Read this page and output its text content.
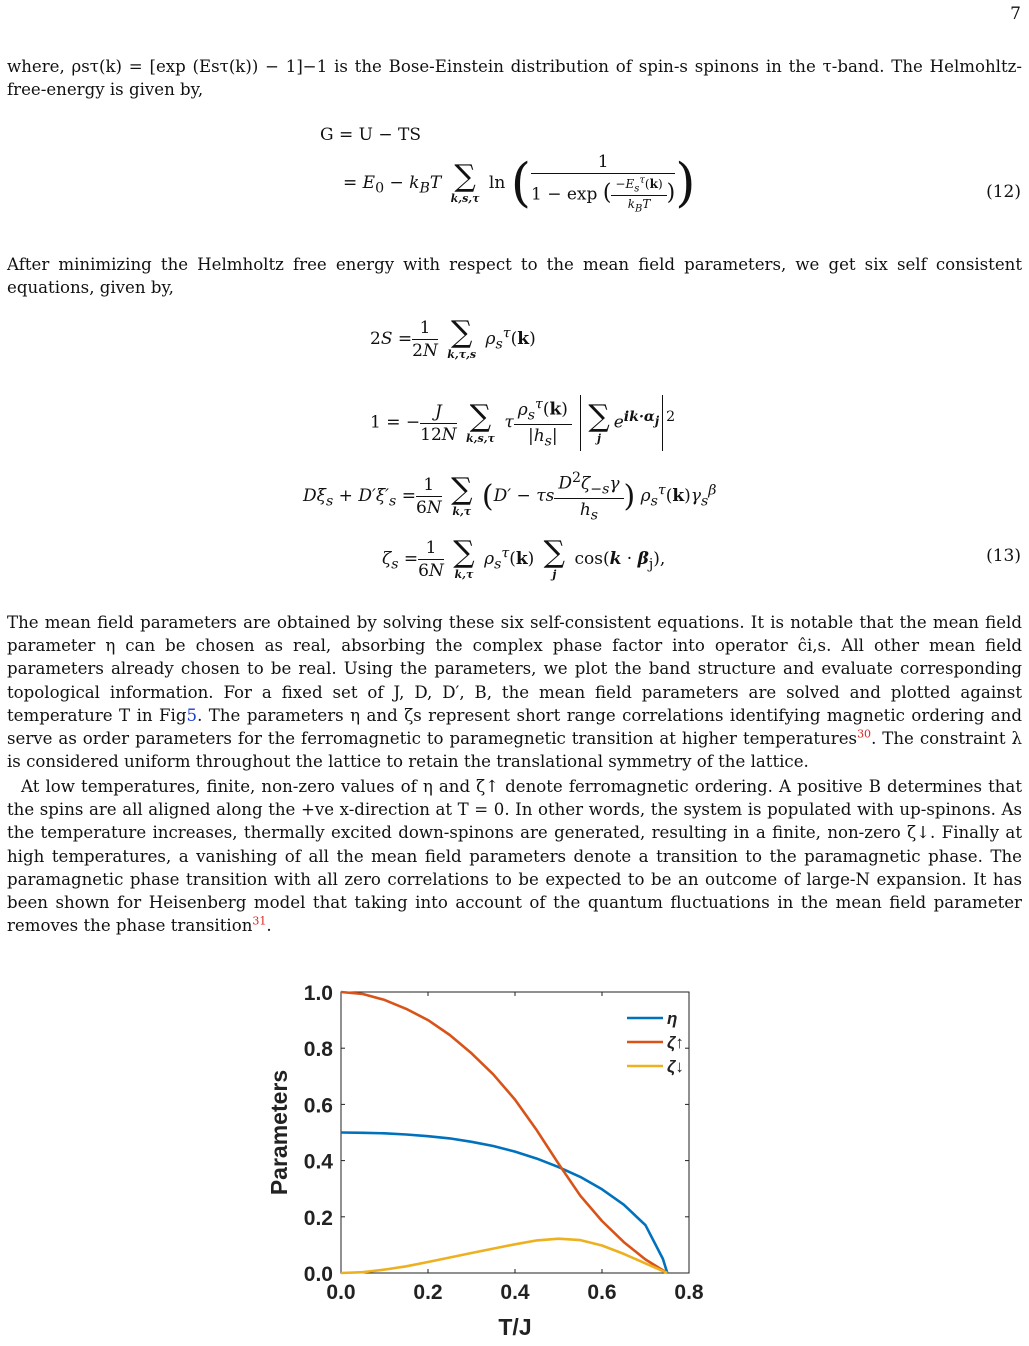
7

where, ρsτ(k) = [exp (Esτ(k)) − 1]−1 is the Bose-Einstein distribution of spin-s spinons in the τ-band. The Helmohltz-free-energy is given by,

G = U − TS
= $E_0 - k_BT$ ∑
k,s,τ
ln ( $\frac{1}{1 - \exp ( \frac{-E_s^\tau(k)}{k_BT} )}$ )	(12)

After minimizing the Helmholtz free energy with respect to the mean field parameters, we get six self consistent equations, given by,

$2S = \frac{1}{2N}$
∑
k,τ,s
$\rho_s^\tau(k)$
1 = − $\frac{J}{12N}$
∑
k,s,τ
τ $\frac{\rho_s^\tau(k)}{|h_s|}$
∑
j
$e^{ik\cdot\alpha_j}$ $^2$
$D\xi_s + D'\xi'_s = \frac{1}{6N}$
∑
k,τ (D′ − τs $\frac{D^2\zeta_{-s}\gamma}{h_s}$ ) $\rho_s^\tau(k)\gamma_s^\beta$
$\zeta_s = \frac{1}{6N}$
∑
k,τ
$\rho_s^\tau(k)$ ∑
j
$\cos(k \cdot \beta_j)$,	(13)

The mean field parameters are obtained by solving these six self-consistent equations. It is notable that the mean field parameter η can be chosen as real, absorbing the complex phase factor into operator ĉi,s. All other mean field parameters already chosen to be real. Using the parameters, we plot the band structure and evaluate corresponding topological information. For a fixed set of J, D, D′, B, the mean field parameters are solved and plotted against temperature T in Fig5. The parameters η and ζs represent short range correlations identifying magnetic ordering and serve as order parameters for the ferromagnetic to paramegnetic transition at higher temperatures$^{30}$. The constraint λ is considered uniform throughout the lattice to retain the translational symmetry of the lattice.

At low temperatures, finite, non-zero values of η and ζ↑ denote ferromagnetic ordering. A positive B determines that the spins are all aligned along the +ve x-direction at T = 0. In other words, the system is populated with up-spinons. As the temperature increases, thermally excited down-spinons are generated, resulting in a finite, non-zero ζ↓. Finally at high temperatures, a vanishing of all the mean field parameters denote a transition to the paramagnetic phase. The paramagnetic phase transition with all zero correlations to be expected to be an outcome of large-N expansion. It has been shown for Heisenberg model that taking into account of the quantum fluctuations in the mean field parameter removes the phase transition$^{31}$.

0.0	0.2	0.4	0.6	0.8
0.0
0.2
0.4
0.6
0.8
1.0
T/J
Parameters
η
ζ↑
ζ↓
